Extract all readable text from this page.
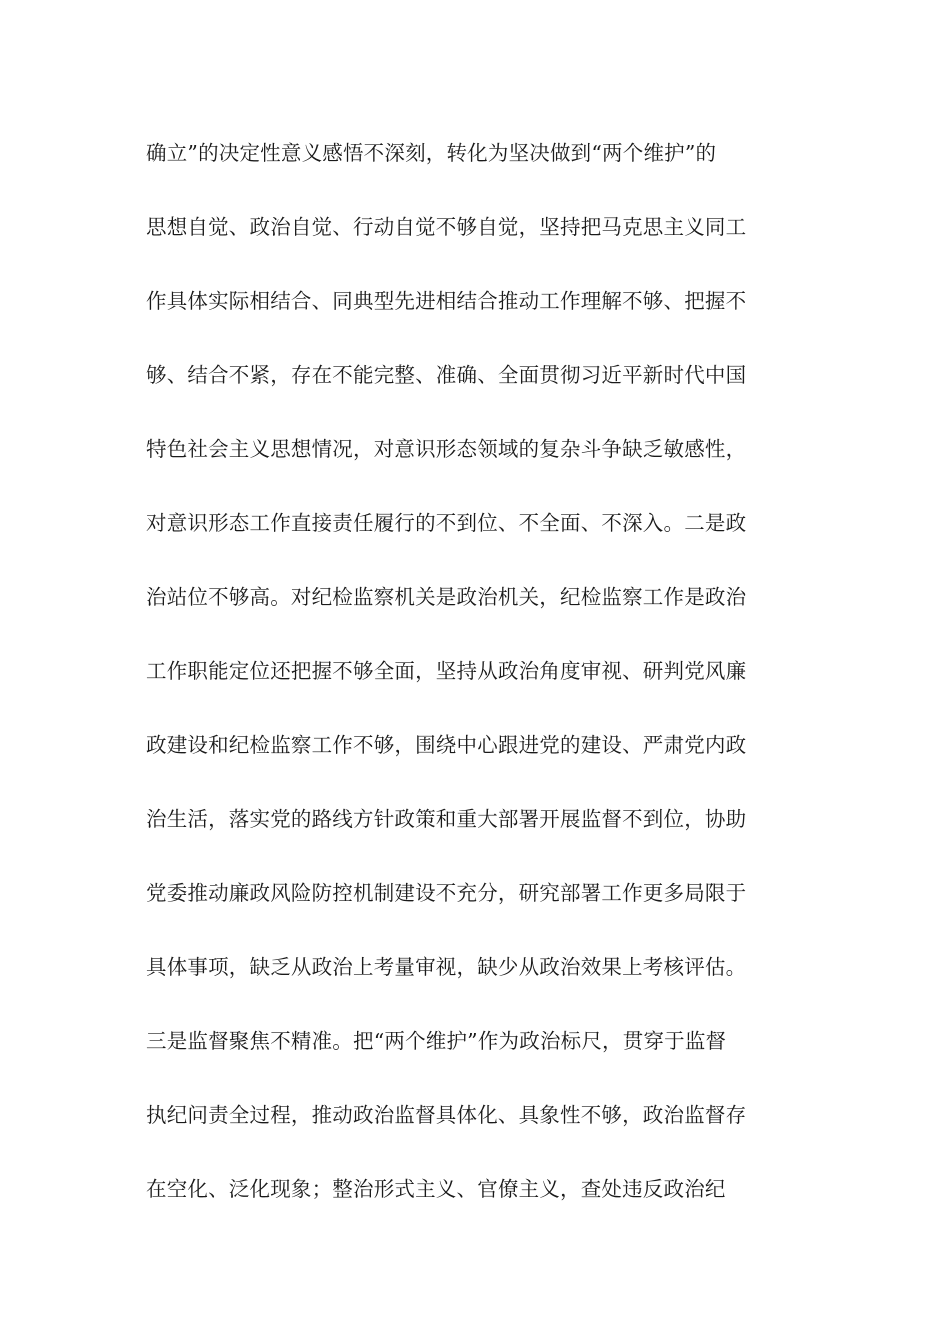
确立”的决定性意义感悟不深刻，转化为坚决做到“两个维护”的
思想自觉、政治自觉、行动自觉不够自觉，坚持把马克思主义同工
作具体实际相结合、同典型先进相结合推动工作理解不够、把握不
够、结合不紧，存在不能完整、准确、全面贯彻习近平新时代中国
特色社会主义思想情况，对意识形态领域的复杂斗争缺乏敏感性，
对意识形态工作直接责任履行的不到位、不全面、不深入。二是政
治站位不够高。对纪检监察机关是政治机关，纪检监察工作是政治
工作职能定位还把握不够全面，坚持从政治角度审视、研判党风廉
政建设和纪检监察工作不够，围绕中心跟进党的建设、严肃党内政
治生活，落实党的路线方针政策和重大部署开展监督不到位，协助
党委推动廉政风险防控机制建设不充分，研究部署工作更多局限于
具体事项，缺乏从政治上考量审视，缺少从政治效果上考核评估。
三是监督聚焦不精准。把“两个维护”作为政治标尺，贯穿于监督
执纪问责全过程，推动政治监督具体化、具象性不够，政治监督存
在空化、泛化现象；整治形式主义、官僚主义，查处违反政治纪
